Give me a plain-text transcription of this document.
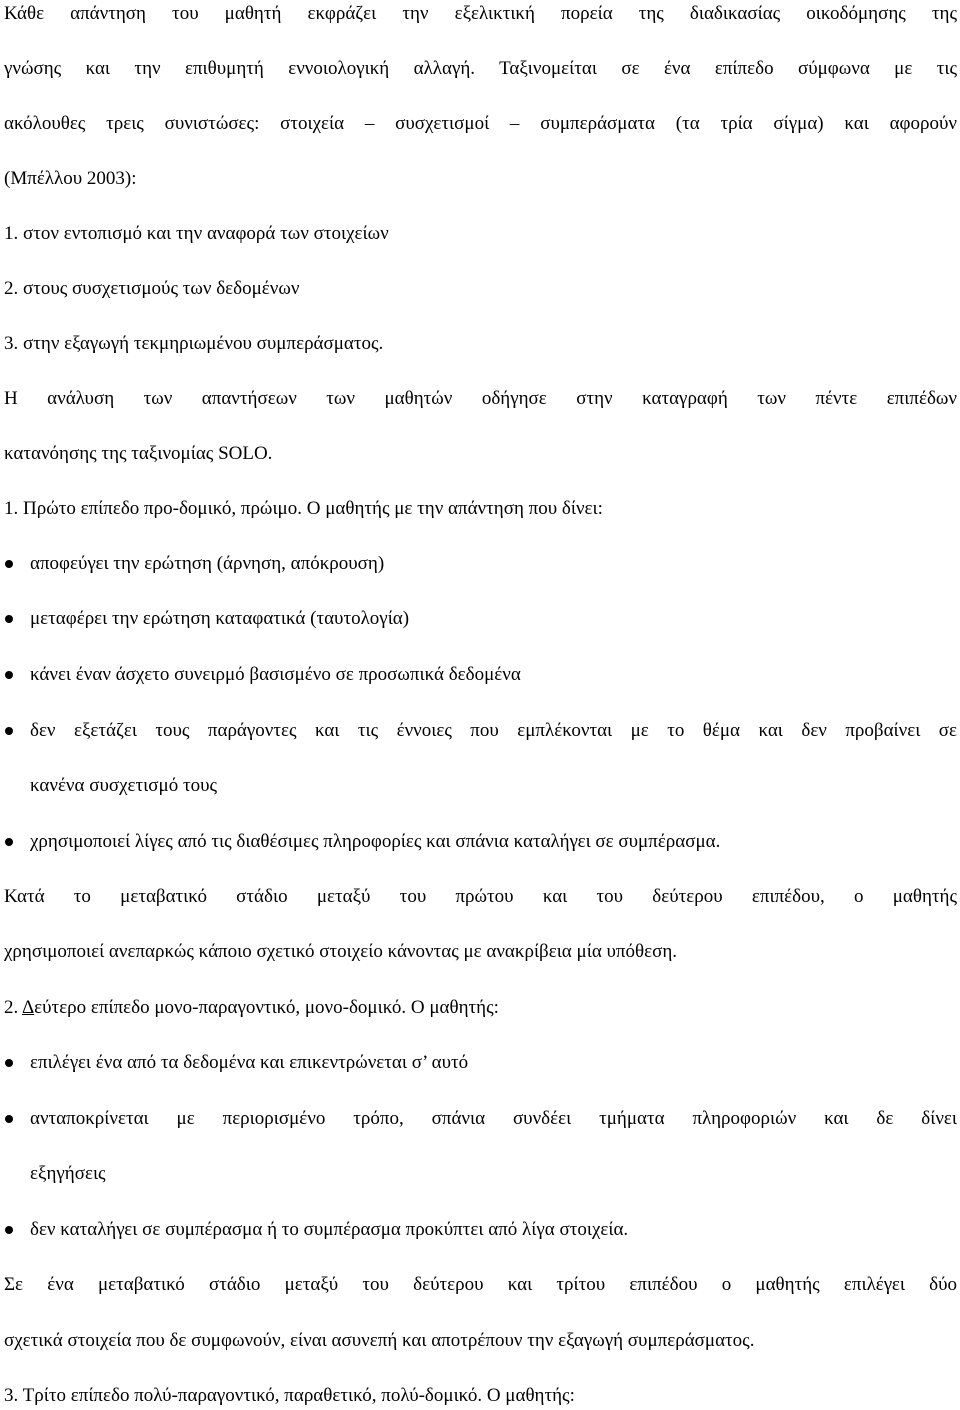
Κάθε απάντηση του μαθητή εκφράζει την εξελικτική πορεία της διαδικασίας οικοδόμησης της
γνώσης και την επιθυμητή εννοιολογική αλλαγή. Ταξινομείται σε ένα επίπεδο σύμφωνα με τις
ακόλουθες τρεις συνιστώσες: στοιχεία – συσχετισμοί – συμπεράσματα (τα τρία σίγμα) και αφορούν
(Μπέλλου 2003):
1. στον εντοπισμό και την αναφορά των στοιχείων
2. στους συσχετισμούς των δεδομένων
3. στην εξαγωγή τεκμηριωμένου συμπεράσματος.
Η ανάλυση των απαντήσεων των μαθητών οδήγησε στην καταγραφή των πέντε επιπέδων
κατανόησης της ταξινομίας SOLO.
1. Πρώτο επίπεδο προ-δομικό, πρώιμο. Ο μαθητής με την απάντηση που δίνει:
αποφεύγει την ερώτηση (άρνηση, απόκρουση)
μεταφέρει την ερώτηση καταφατικά (ταυτολογία)
κάνει έναν άσχετο συνειρμό βασισμένο σε προσωπικά δεδομένα
δεν εξετάζει τους παράγοντες και τις έννοιες που εμπλέκονται με το θέμα και δεν προβαίνει σε
κανένα συσχετισμό τους
χρησιμοποιεί λίγες από τις διαθέσιμες πληροφορίες και σπάνια καταλήγει σε συμπέρασμα.
Κατά το μεταβατικό στάδιο μεταξύ του πρώτου και του δεύτερου επιπέδου, ο μαθητής
χρησιμοποιεί ανεπαρκώς κάποιο σχετικό στοιχείο κάνοντας με ανακρίβεια μία υπόθεση.
2. Δεύτερο επίπεδο μονο-παραγοντικό, μονο-δομικό. Ο μαθητής:
επιλέγει ένα από τα δεδομένα και επικεντρώνεται σ’ αυτό
ανταποκρίνεται με περιορισμένο τρόπο, σπάνια συνδέει τμήματα πληροφοριών και δε δίνει
εξηγήσεις
δεν καταλήγει σε συμπέρασμα ή το συμπέρασμα προκύπτει από λίγα στοιχεία.
Σε ένα μεταβατικό στάδιο μεταξύ του δεύτερου και τρίτου επιπέδου ο μαθητής επιλέγει δύο
σχετικά στοιχεία που δε συμφωνούν, είναι ασυνεπή και αποτρέπουν την εξαγωγή συμπεράσματος.
3. Τρίτο επίπεδο πολύ-παραγοντικό, παραθετικό, πολύ-δομικό. Ο μαθητής:
